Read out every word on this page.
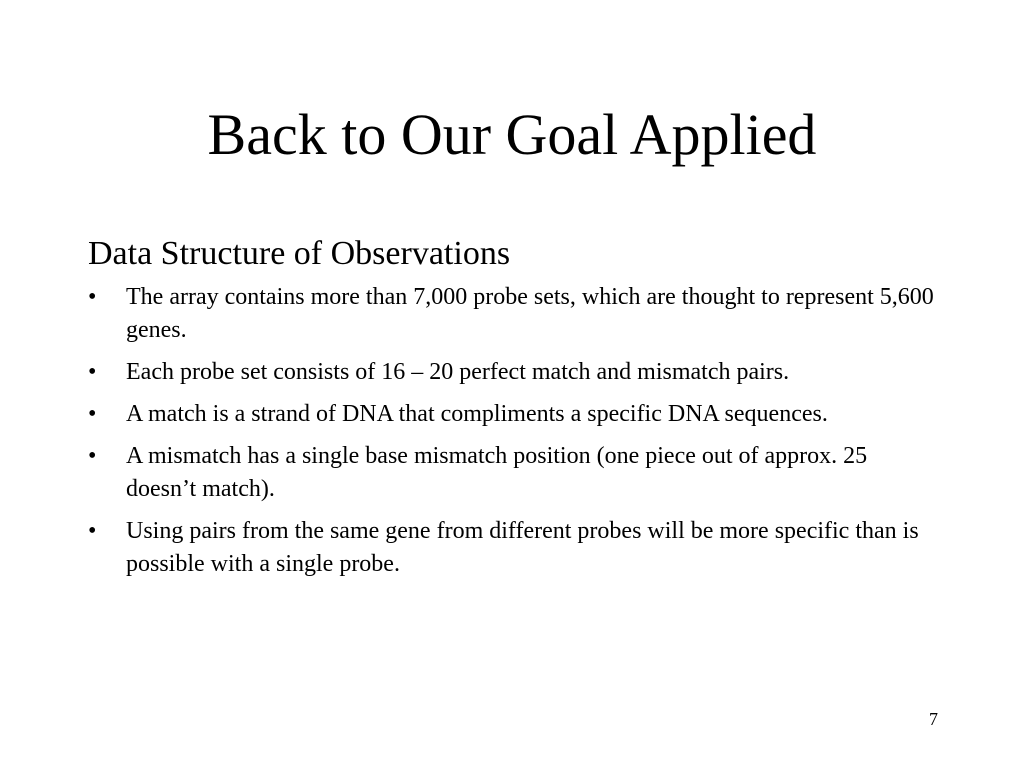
Back to Our Goal Applied
Data Structure of Observations
•	The array contains more than 7,000 probe sets, which are thought to represent 5,600 genes.
•	Each probe set consists of 16 – 20 perfect match and mismatch pairs.
•	A match is a strand of DNA that compliments a specific DNA sequences.
•	A mismatch has a single base mismatch position (one piece out of approx. 25 doesn’t match).
•	Using pairs from the same gene from different probes will be more specific than is possible with a single probe.
7
